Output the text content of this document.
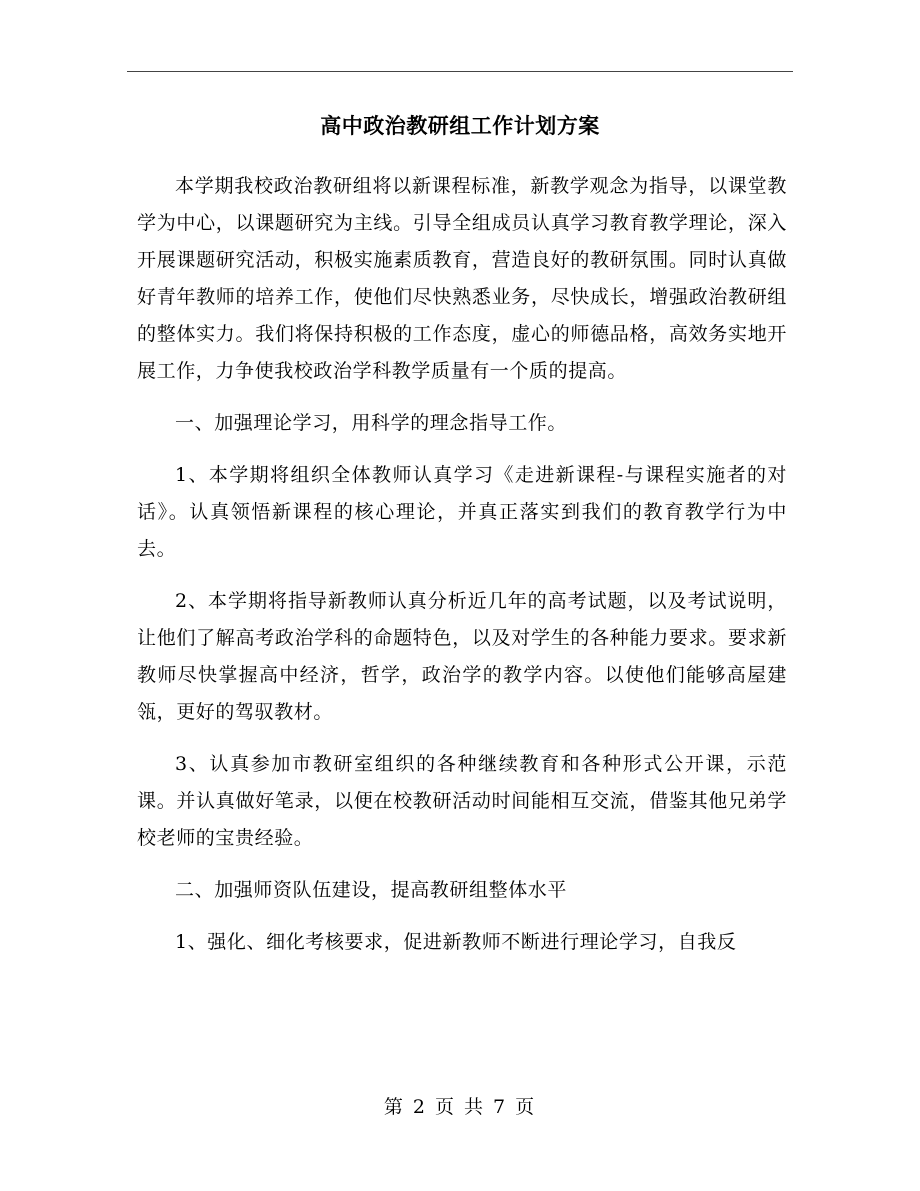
高中政治教研组工作计划方案

本学期我校政治教研组将以新课程标准，新教学观念为指导，以课堂教学为中心，以课题研究为主线。引导全组成员认真学习教育教学理论，深入开展课题研究活动，积极实施素质教育，营造良好的教研氛围。同时认真做好青年教师的培养工作，使他们尽快熟悉业务，尽快成长，增强政治教研组的整体实力。我们将保持积极的工作态度，虚心的师德品格，高效务实地开展工作，力争使我校政治学科教学质量有一个质的提高。

一、加强理论学习，用科学的理念指导工作。

1、本学期将组织全体教师认真学习《走进新课程-与课程实施者的对话》。认真领悟新课程的核心理论，并真正落实到我们的教育教学行为中去。

2、本学期将指导新教师认真分析近几年的高考试题，以及考试说明，让他们了解高考政治学科的命题特色，以及对学生的各种能力要求。要求新教师尽快掌握高中经济，哲学，政治学的教学内容。以使他们能够高屋建瓴，更好的驾驭教材。

3、认真参加市教研室组织的各种继续教育和各种形式公开课，示范课。并认真做好笔录，以便在校教研活动时间能相互交流，借鉴其他兄弟学校老师的宝贵经验。

二、加强师资队伍建设，提高教研组整体水平

1、强化、细化考核要求，促进新教师不断进行理论学习，自我反

第 2 页 共 7 页
